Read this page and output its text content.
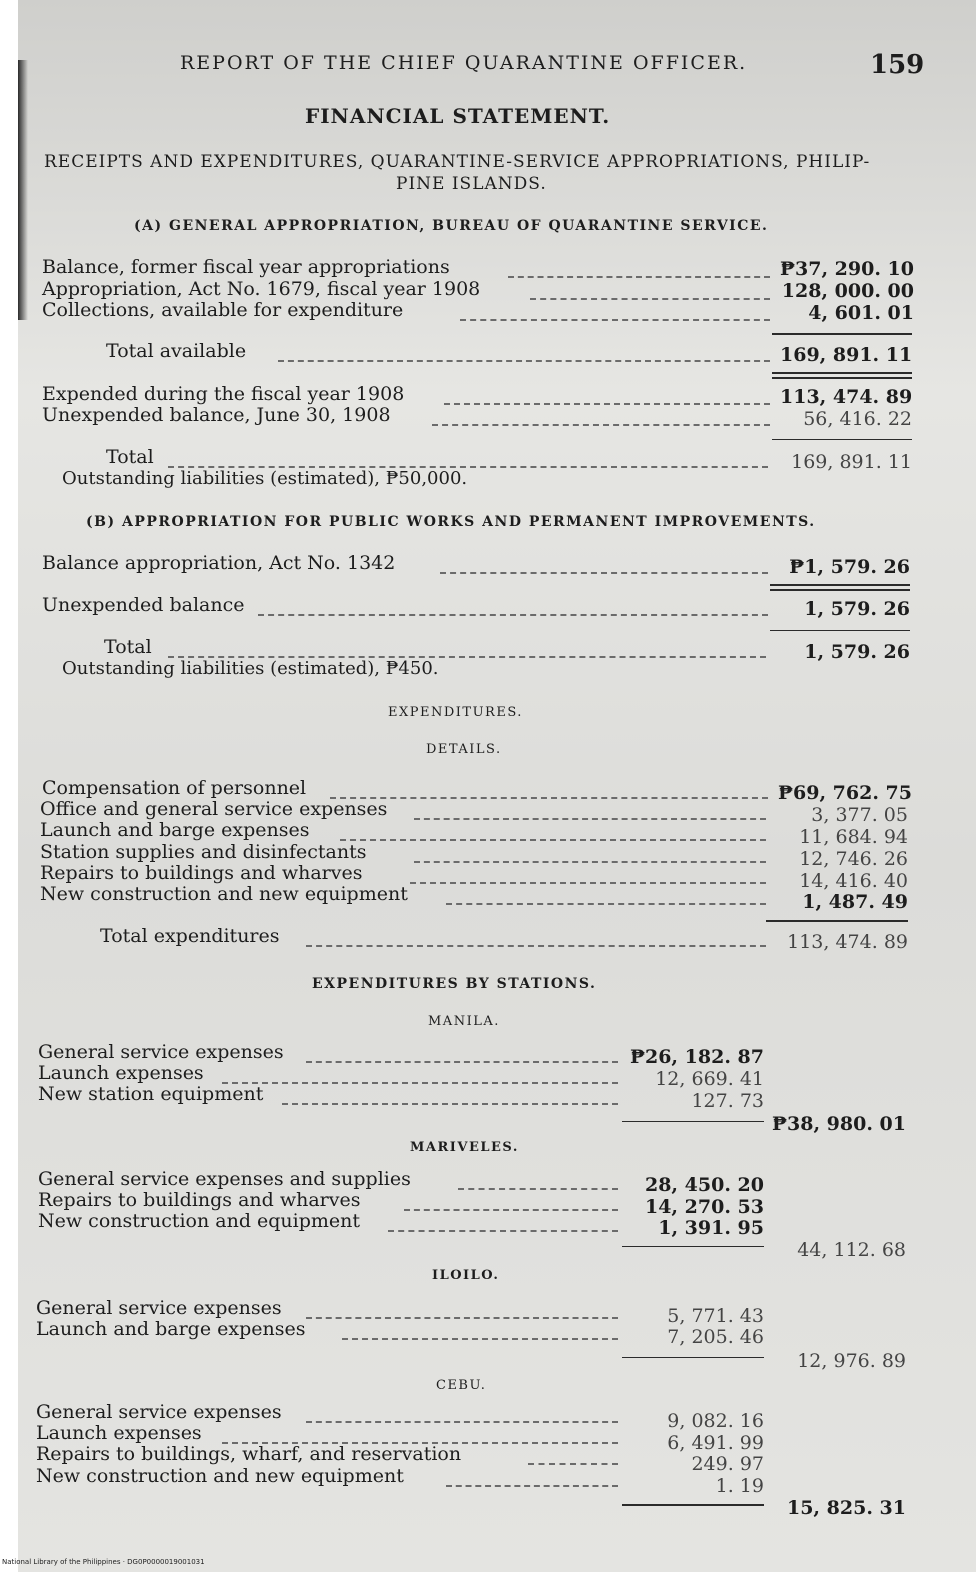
REPORT OF THE CHIEF QUARANTINE OFFICER.	159
FINANCIAL STATEMENT.
RECEIPTS AND EXPENDITURES, QUARANTINE-SERVICE APPROPRIATIONS, PHILIP-
PINE ISLANDS.
(A) GENERAL APPROPRIATION, BUREAU OF QUARANTINE SERVICE.
Balance, former fiscal year appropriations	₱37, 290. 10
Appropriation, Act No. 1679, fiscal year 1908	128, 000. 00
Collections, available for expenditure	4, 601. 01
Total available	169, 891. 11
Expended during the fiscal year 1908	113, 474. 89
Unexpended balance, June 30, 1908	56, 416. 22
Total	169, 891. 11
Outstanding liabilities (estimated), ₱50,000.
(B) APPROPRIATION FOR PUBLIC WORKS AND PERMANENT IMPROVEMENTS.
Balance appropriation, Act No. 1342	₱1, 579. 26
Unexpended balance	1, 579. 26
Total	1, 579. 26
Outstanding liabilities (estimated), ₱450.
EXPENDITURES.
DETAILS.
Compensation of personnel	₱69, 762. 75
Office and general service expenses	3, 377. 05
Launch and barge expenses	11, 684. 94
Station supplies and disinfectants	12, 746. 26
Repairs to buildings and wharves	14, 416. 40
New construction and new equipment	1, 487. 49
Total expenditures	113, 474. 89
EXPENDITURES BY STATIONS.
MANILA.
General service expenses	₱26, 182. 87
Launch expenses	12, 669. 41
New station equipment	127. 73
₱38, 980. 01
MARIVELES.
General service expenses and supplies	28, 450. 20
Repairs to buildings and wharves	14, 270. 53
New construction and equipment	1, 391. 95
44, 112. 68
ILOILO.
General service expenses	5, 771. 43
Launch and barge expenses	7, 205. 46
12, 976. 89
CEBU.
General service expenses	9, 082. 16
Launch expenses	6, 491. 99
Repairs to buildings, wharf, and reservation	249. 97
New construction and new equipment	1. 19
15, 825. 31
National Library of the Philippines · DG0P0000019001031
